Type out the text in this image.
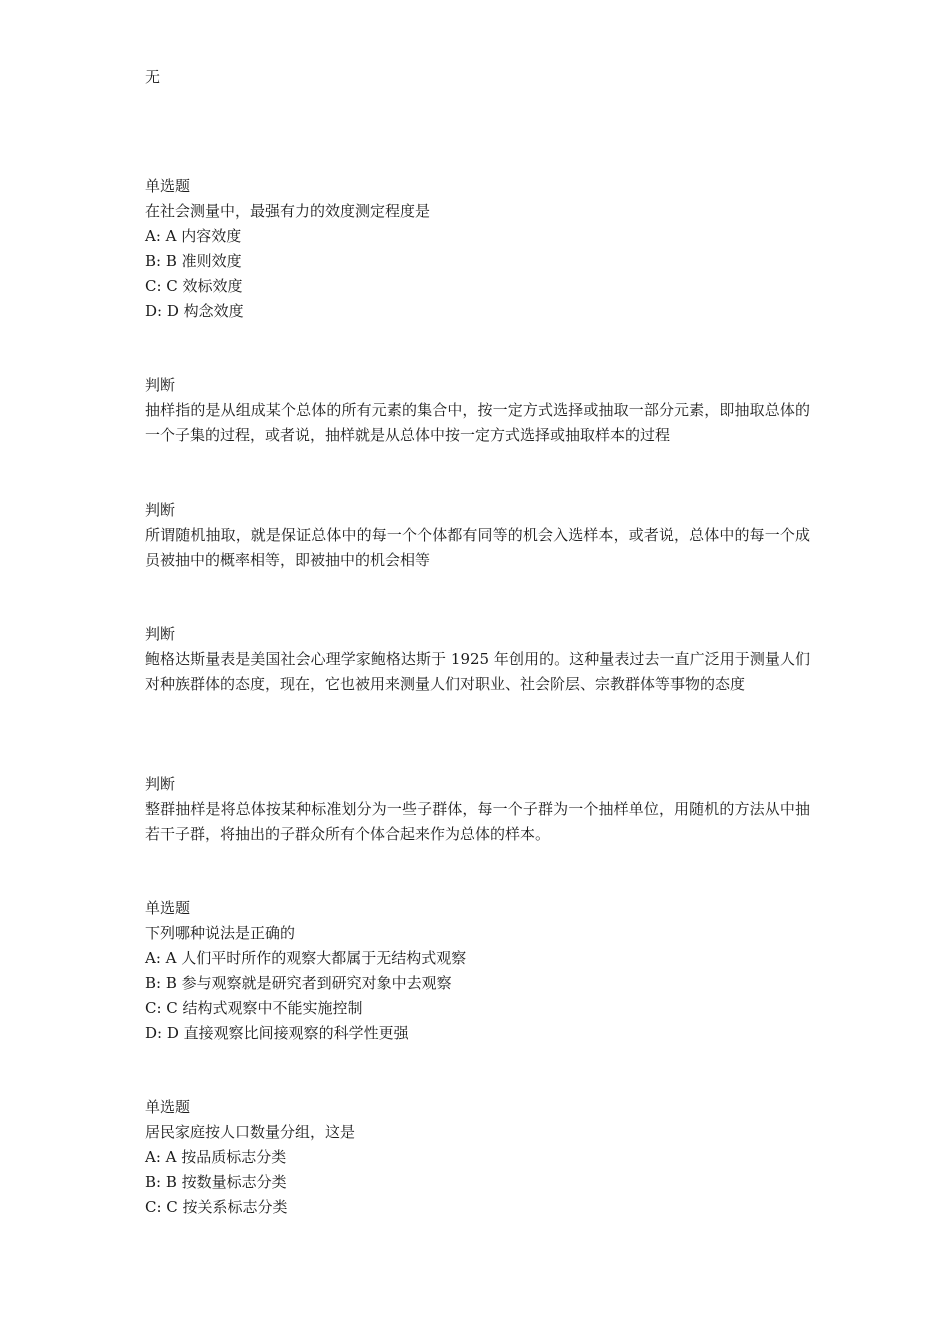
无
单选题
在社会测量中，最强有力的效度测定程度是
A: A 内容效度
B: B 准则效度
C: C 效标效度
D: D 构念效度
判断
抽样指的是从组成某个总体的所有元素的集合中，按一定方式选择或抽取一部分元素，即抽取总体的一个子集的过程，或者说，抽样就是从总体中按一定方式选择或抽取样本的过程
判断
所谓随机抽取，就是保证总体中的每一个个体都有同等的机会入选样本，或者说，总体中的每一个成员被抽中的概率相等，即被抽中的机会相等
判断
鲍格达斯量表是美国社会心理学家鲍格达斯于 1925 年创用的。这种量表过去一直广泛用于测量人们对种族群体的态度，现在，它也被用来测量人们对职业、社会阶层、宗教群体等事物的态度
判断
整群抽样是将总体按某种标准划分为一些子群体，每一个子群为一个抽样单位，用随机的方法从中抽若干子群，将抽出的子群众所有个体合起来作为总体的样本。
单选题
下列哪种说法是正确的
A: A 人们平时所作的观察大都属于无结构式观察
B: B 参与观察就是研究者到研究对象中去观察
C: C 结构式观察中不能实施控制
D: D 直接观察比间接观察的科学性更强
单选题
居民家庭按人口数量分组，这是
A: A 按品质标志分类
B: B 按数量标志分类
C: C 按关系标志分类
